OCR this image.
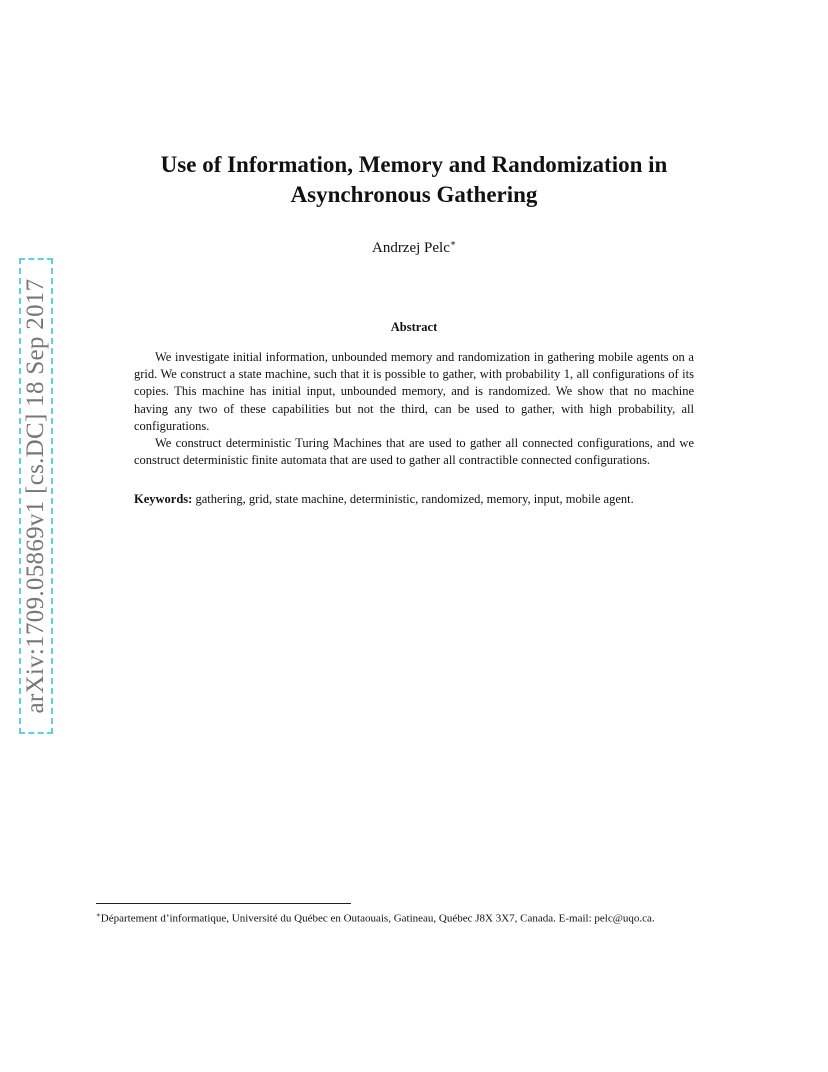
arXiv:1709.05869v1 [cs.DC] 18 Sep 2017
Use of Information, Memory and Randomization in
Asynchronous Gathering
Andrzej Pelc∗
Abstract

We investigate initial information, unbounded memory and randomization in gathering mobile agents on a grid. We construct a state machine, such that it is possible to gather, with probability 1, all configurations of its copies. This machine has initial input, unbounded memory, and is randomized. We show that no machine having any two of these capabilities but not the third, can be used to gather, with high probability, all configurations.

We construct deterministic Turing Machines that are used to gather all connected configurations, and we construct deterministic finite automata that are used to gather all contractible connected configurations.

Keywords: gathering, grid, state machine, deterministic, randomized, memory, input, mobile agent.
∗Département d’informatique, Université du Québec en Outaouais, Gatineau, Québec J8X 3X7, Canada. E-mail: pelc@uqo.ca.
